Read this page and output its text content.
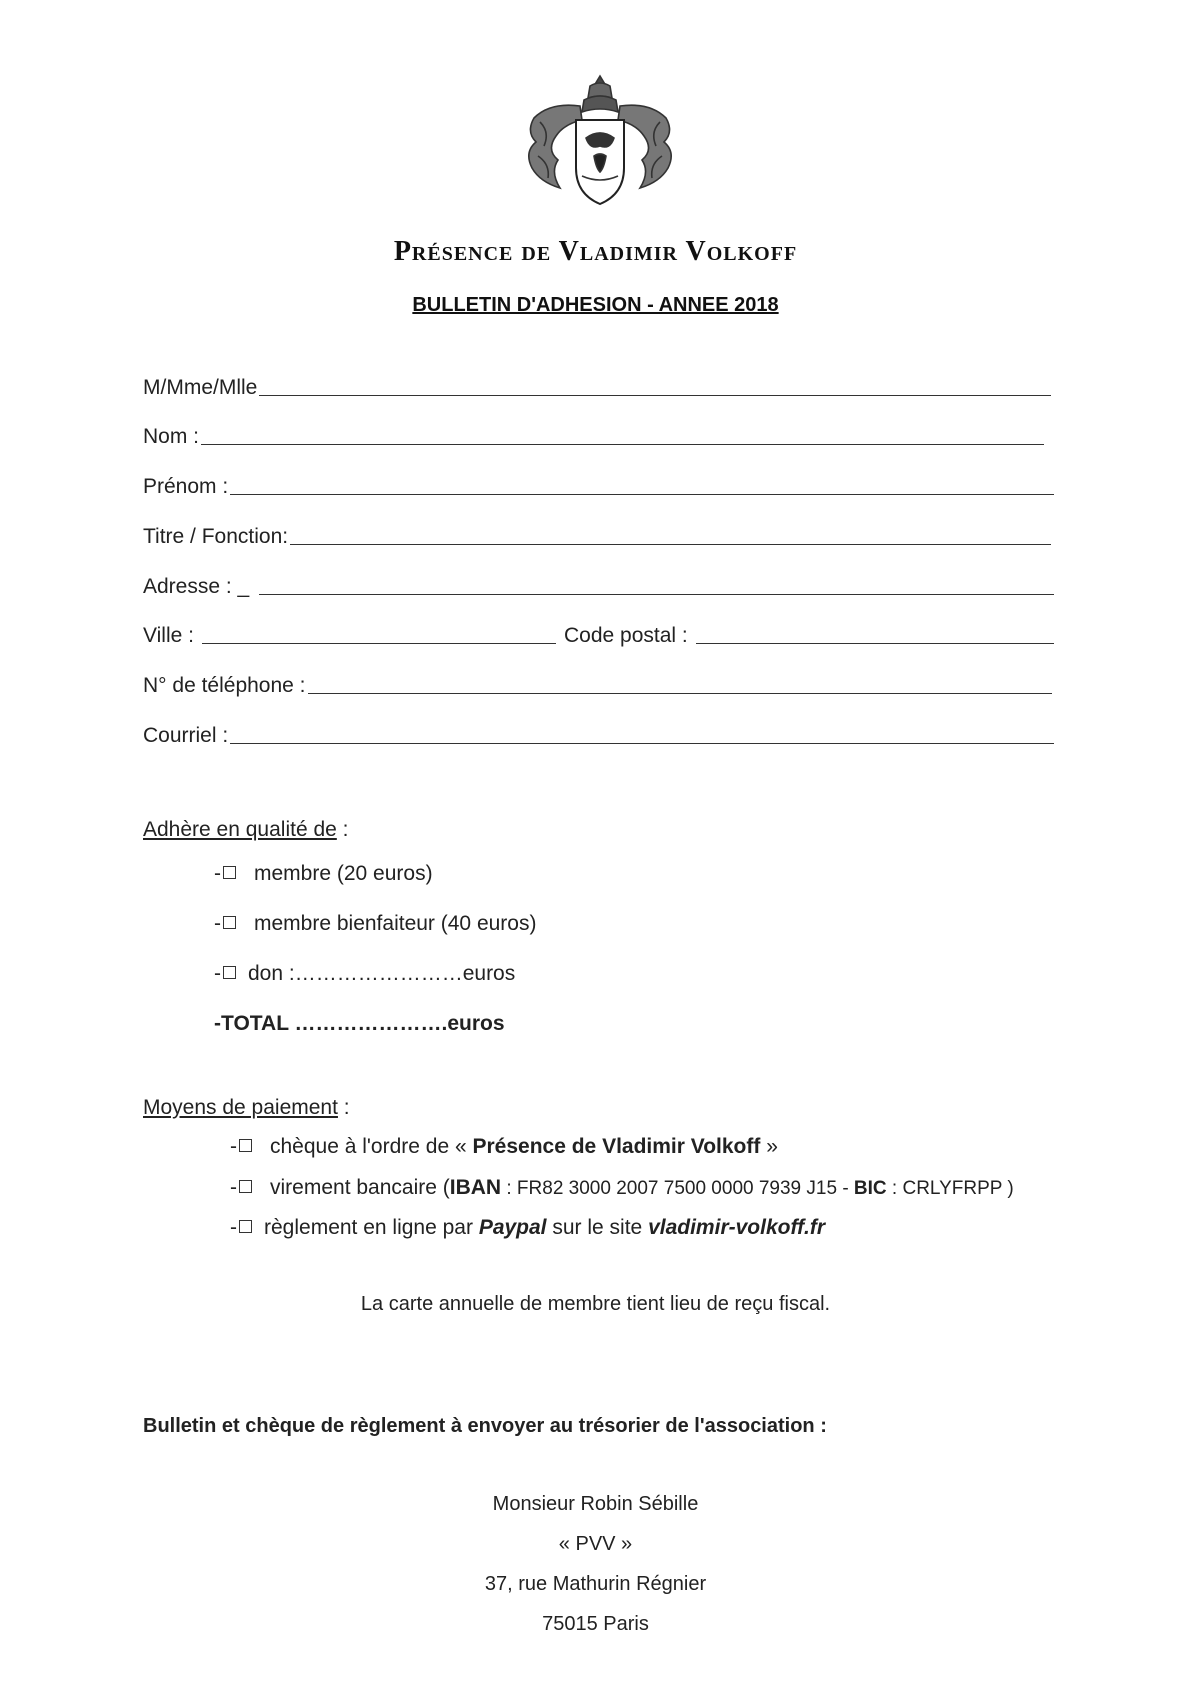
Présence de Vladimir Volkoff
BULLETIN D'ADHESION - ANNEE 2018
M/Mme/Mlle
Nom :
Prénom :
Titre / Fonction:
Adresse : _
Ville :	Code postal :
N° de téléphone :
Courriel :
Adhère en qualité de :
- membre (20 euros)
- membre bienfaiteur (40 euros)
- don :……………………euros
-TOTAL ………………….euros
Moyens de paiement :
- chèque à l'ordre de « Présence de Vladimir Volkoff »
- virement bancaire (IBAN : FR82 3000 2007 7500 0000 7939 J15 - BIC : CRLYFRPP )
- règlement en ligne par Paypal sur le site vladimir-volkoff.fr
La carte annuelle de membre tient lieu de reçu fiscal.
Bulletin et chèque de règlement à envoyer au trésorier de l'association :
Monsieur Robin Sébille
« PVV »
37, rue Mathurin Régnier
75015 Paris
